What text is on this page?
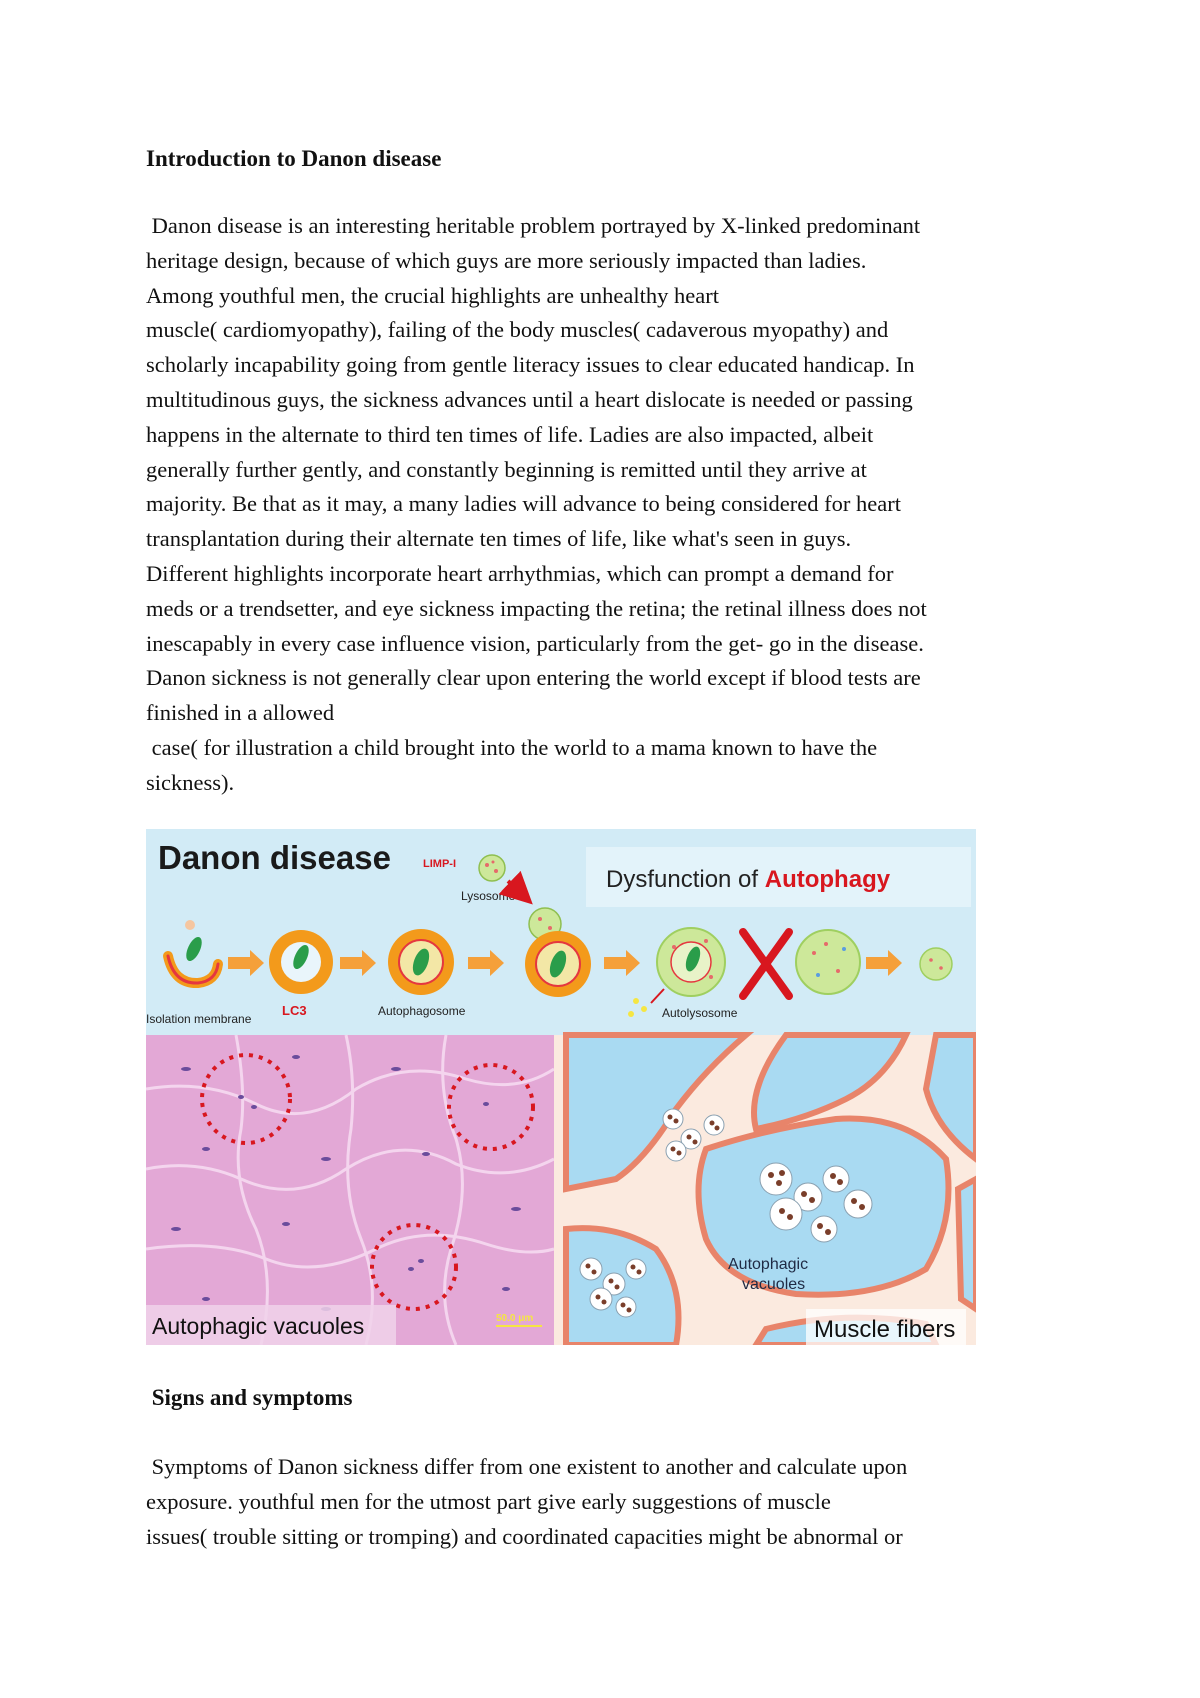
Introduction to Danon disease

Danon disease is an interesting heritable problem portrayed by X-linked predominant
heritage design, because of which guys are more seriously impacted than ladies.
Among youthful men, the crucial highlights are unhealthy heart
muscle( cardiomyopathy), failing of the body muscles( cadaverous myopathy) and
scholarly incapability going from gentle literacy issues to clear educated handicap. In
multitudinous guys, the sickness advances until a heart dislocate is needed or passing
happens in the alternate to third ten times of life. Ladies are also impacted, albeit
generally further gently, and constantly beginning is remitted until they arrive at
majority. Be that as it may, a many ladies will advance to being considered for heart
transplantation during their alternate ten times of life, like what's seen in guys.
Different highlights incorporate heart arrhythmias, which can prompt a demand for
meds or a trendsetter, and eye sickness impacting the retina; the retinal illness does not
inescapably in every case influence vision, particularly from the get- go in the disease.
Danon sickness is not generally clear upon entering the world except if blood tests are
finished in a allowed
case( for illustration a child brought into the world to a mama known to have the
sickness).

Danon disease
Dysfunction of Autophagy
LIMP-I
Lysosome
Isolation membrane
LC3	Autophagosome	Autolysosome
Autophagic vacuoles	50.0 μm
Autophagic
vacuoles
Muscle fibers
Signs and symptoms

Symptoms of Danon sickness differ from one existent to another and calculate upon
exposure. youthful men for the utmost part give early suggestions of muscle
issues( trouble sitting or tromping) and coordinated capacities might be abnormal or
